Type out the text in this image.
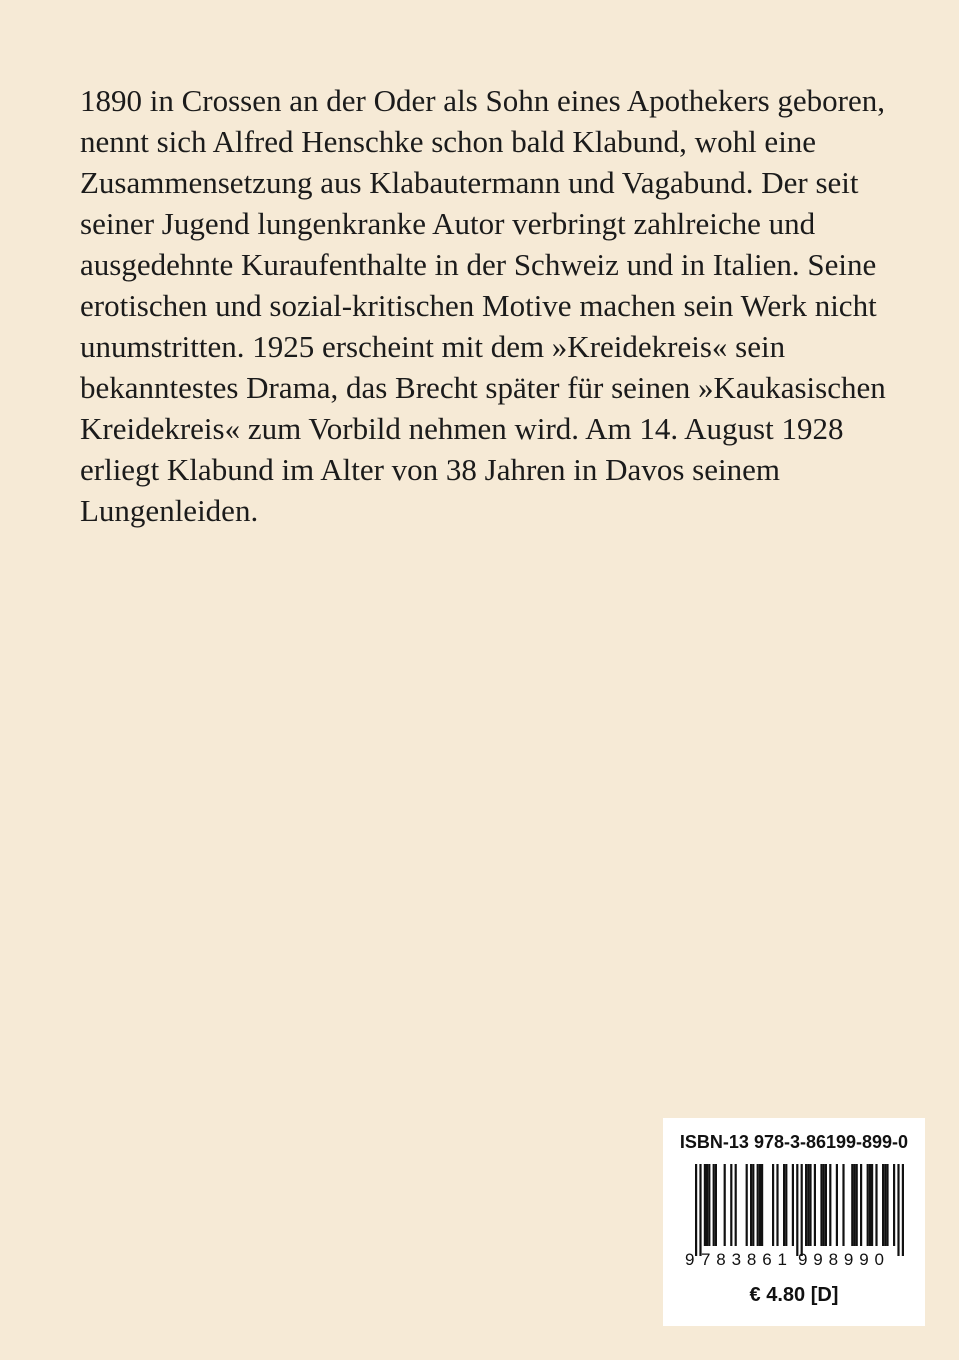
1890 in Crossen an der Oder als Sohn eines Apothekers geboren,
nennt sich Alfred Henschke schon bald Klabund, wohl eine
Zusammensetzung aus Klabautermann und Vagabund. Der seit
seiner Jugend lungenkranke Autor verbringt zahlreiche und
ausgedehnte Kuraufenthalte in der Schweiz und in Italien. Seine
erotischen und sozial-kritischen Motive machen sein Werk nicht
unumstritten. 1925 erscheint mit dem »Kreidekreis« sein
bekanntestes Drama, das Brecht später für seinen »Kaukasischen
Kreidekreis« zum Vorbild nehmen wird. Am 14. August 1928
erliegt Klabund im Alter von 38 Jahren in Davos seinem
Lungenleiden.
ISBN-13 978-3-86199-899-0
9 783861 998990
€ 4.80 [D]
